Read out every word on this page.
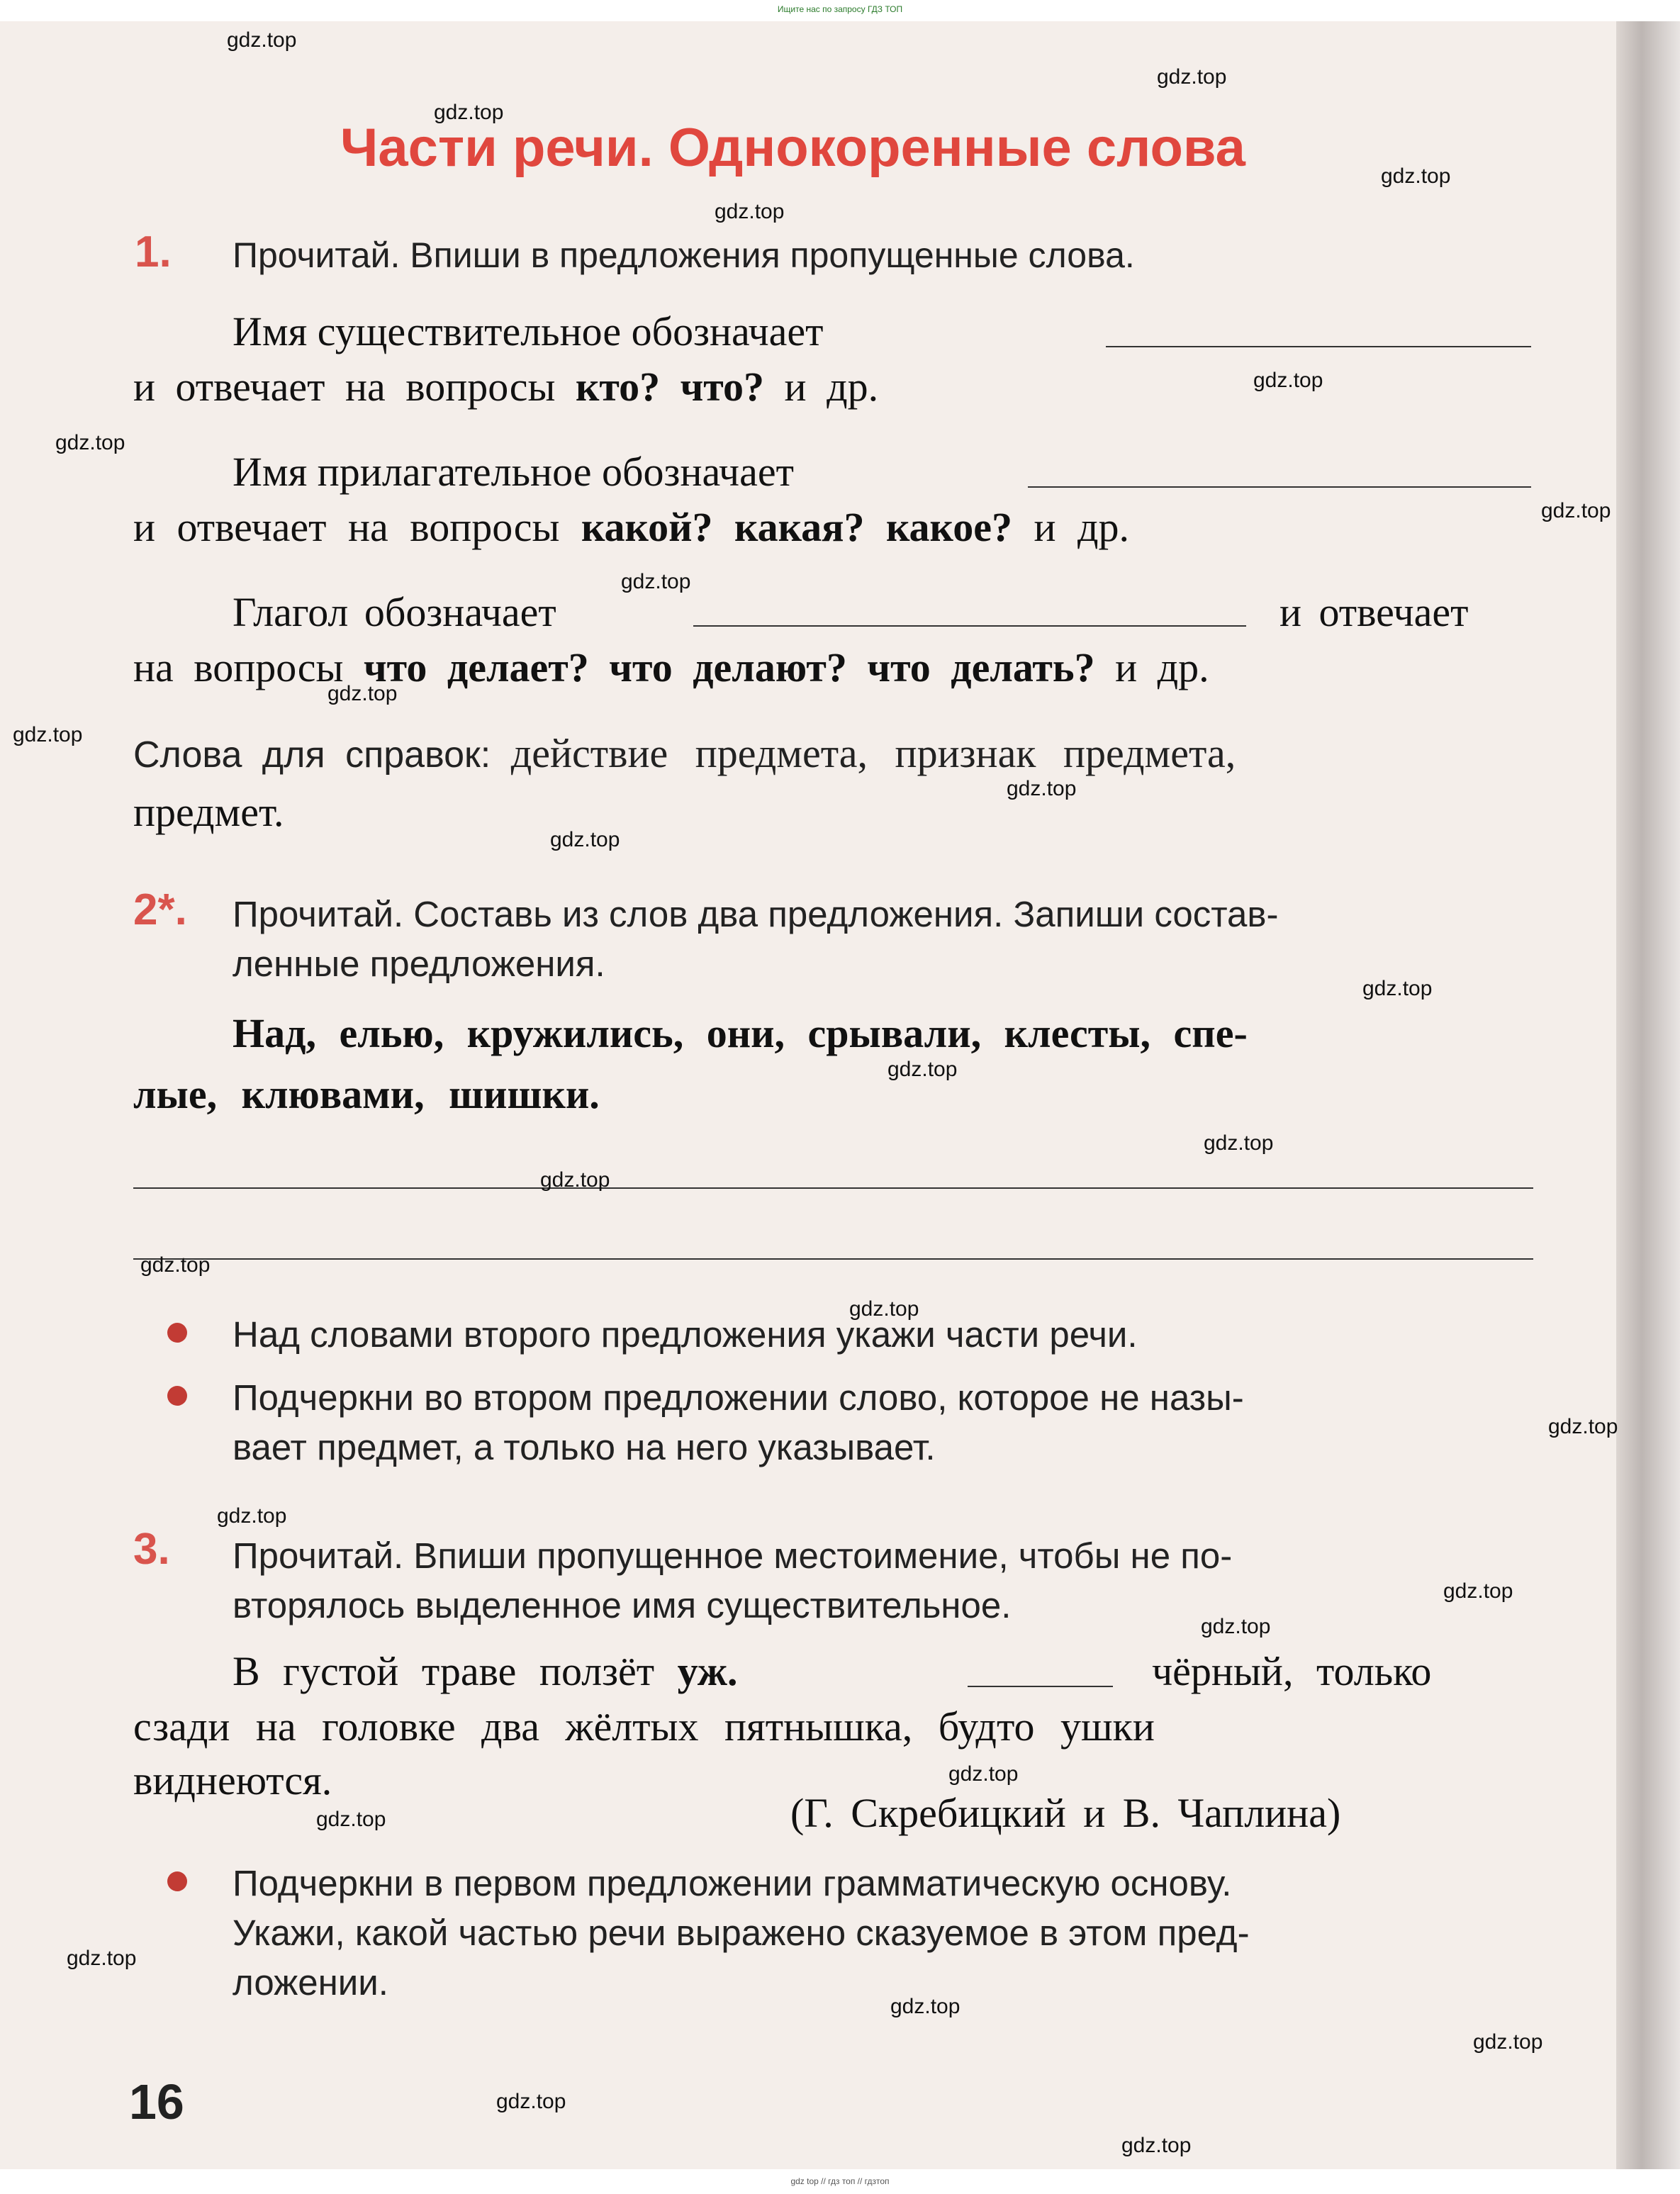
Ищите нас по запросу ГДЗ ТОП
Части речи. Однокоренные слова
1. Прочитай. Впиши в предложения пропущенные слова.
Имя существительное обозначает
и отвечает на вопросы кто? что? и др.
Имя прилагательное обозначает
и отвечает на вопросы какой? какая? какое? и др.
Глагол обозначает	и отвечает
на вопросы что делает? что делают? что делать? и др.
Слова для справок: действие предмета, признак предмета,
предмет.
2*. Прочитай. Составь из слов два предложения. Запиши состав-
ленные предложения.
Над, елью, кружились, они, срывали, клесты, спе-
лые, клювами, шишки.
Над словами второго предложения укажи части речи.
Подчеркни во втором предложении слово, которое не назы-
вает предмет, а только на него указывает.
3. Прочитай. Впиши пропущенное местоимение, чтобы не по-
вторялось выделенное имя существительное.
В густой траве ползёт уж.	чёрный, только
сзади на головке два жёлтых пятнышка, будто ушки
виднеются.
(Г. Скребицкий и В. Чаплина)
Подчеркни в первом предложении грамматическую основу.
Укажи, какой частью речи выражено сказуемое в этом пред-
ложении.
16
gdz.top
gdz.top
gdz.top
gdz.top
gdz.top
gdz.top
gdz.top
gdz.top
gdz.top
gdz.top
gdz.top
gdz.top
gdz.top
gdz.top
gdz.top
gdz.top
gdz.top
gdz.top
gdz.top
gdz.top
gdz.top
gdz.top
gdz.top
gdz.top
gdz.top
gdz.top
gdz.top
gdz.top
gdz.top
gdz.top
gdz top // гдз топ // гдзтоп
